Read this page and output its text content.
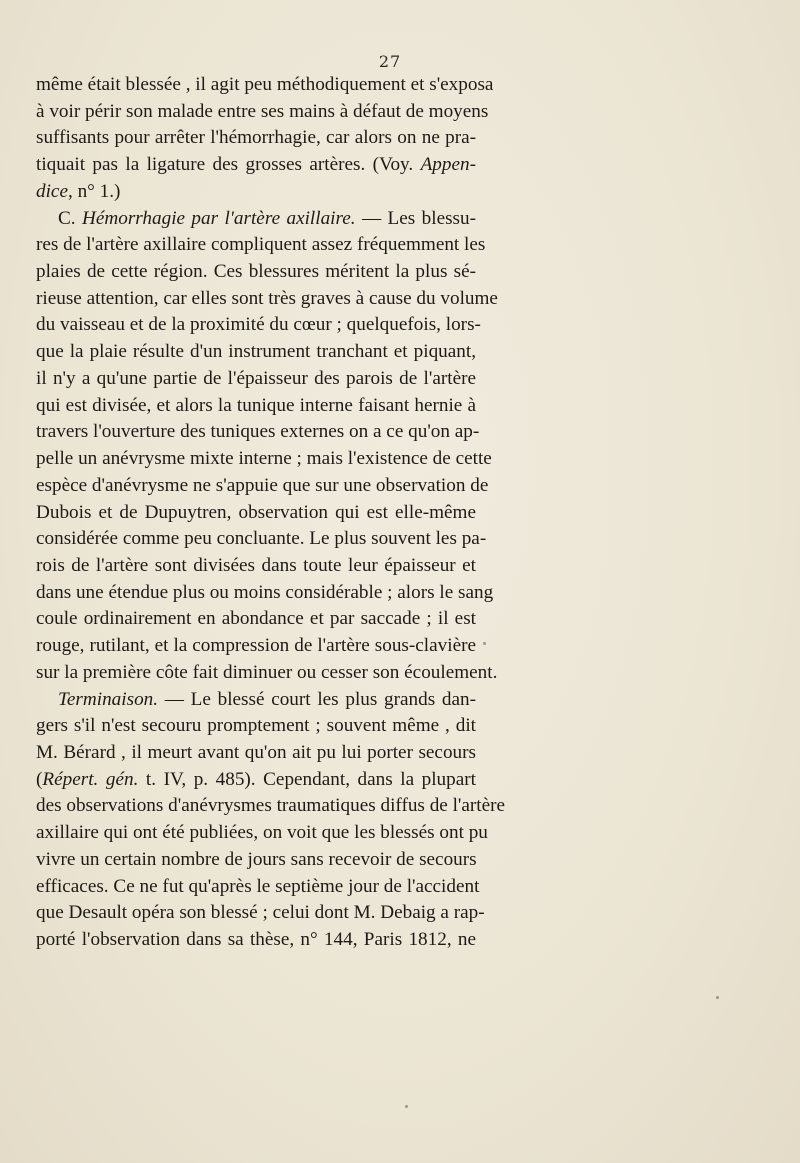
27
même était blessée , il agit peu méthodiquement et s'exposa
à voir périr son malade entre ses mains à défaut de moyens
suffisants pour arrêter l'hémorrhagie, car alors on ne pra-
tiquait pas la ligature des grosses artères. (Voy. Appen-
dice, n° 1.)
C. Hémorrhagie par l'artère axillaire. — Les blessu-
res de l'artère axillaire compliquent assez fréquemment les
plaies de cette région. Ces blessures méritent la plus sé-
rieuse attention, car elles sont très graves à cause du volume
du vaisseau et de la proximité du cœur ; quelquefois, lors-
que la plaie résulte d'un instrument tranchant et piquant,
il n'y a qu'une partie de l'épaisseur des parois de l'artère
qui est divisée, et alors la tunique interne faisant hernie à
travers l'ouverture des tuniques externes on a ce qu'on ap-
pelle un anévrysme mixte interne ; mais l'existence de cette
espèce d'anévrysme ne s'appuie que sur une observation de
Dubois et de Dupuytren, observation qui est elle-même
considérée comme peu concluante. Le plus souvent les pa-
rois de l'artère sont divisées dans toute leur épaisseur et
dans une étendue plus ou moins considérable ; alors le sang
coule ordinairement en abondance et par saccade ; il est
rouge, rutilant, et la compression de l'artère sous-clavière
sur la première côte fait diminuer ou cesser son écoulement.
Terminaison. — Le blessé court les plus grands dan-
gers s'il n'est secouru promptement ; souvent même , dit
M. Bérard , il meurt avant qu'on ait pu lui porter secours
(Répert. gén. t. IV, p. 485). Cependant, dans la plupart
des observations d'anévrysmes traumatiques diffus de l'artère
axillaire qui ont été publiées, on voit que les blessés ont pu
vivre un certain nombre de jours sans recevoir de secours
efficaces. Ce ne fut qu'après le septième jour de l'accident
que Desault opéra son blessé ; celui dont M. Debaig a rap-
porté l'observation dans sa thèse, n° 144, Paris 1812, ne
